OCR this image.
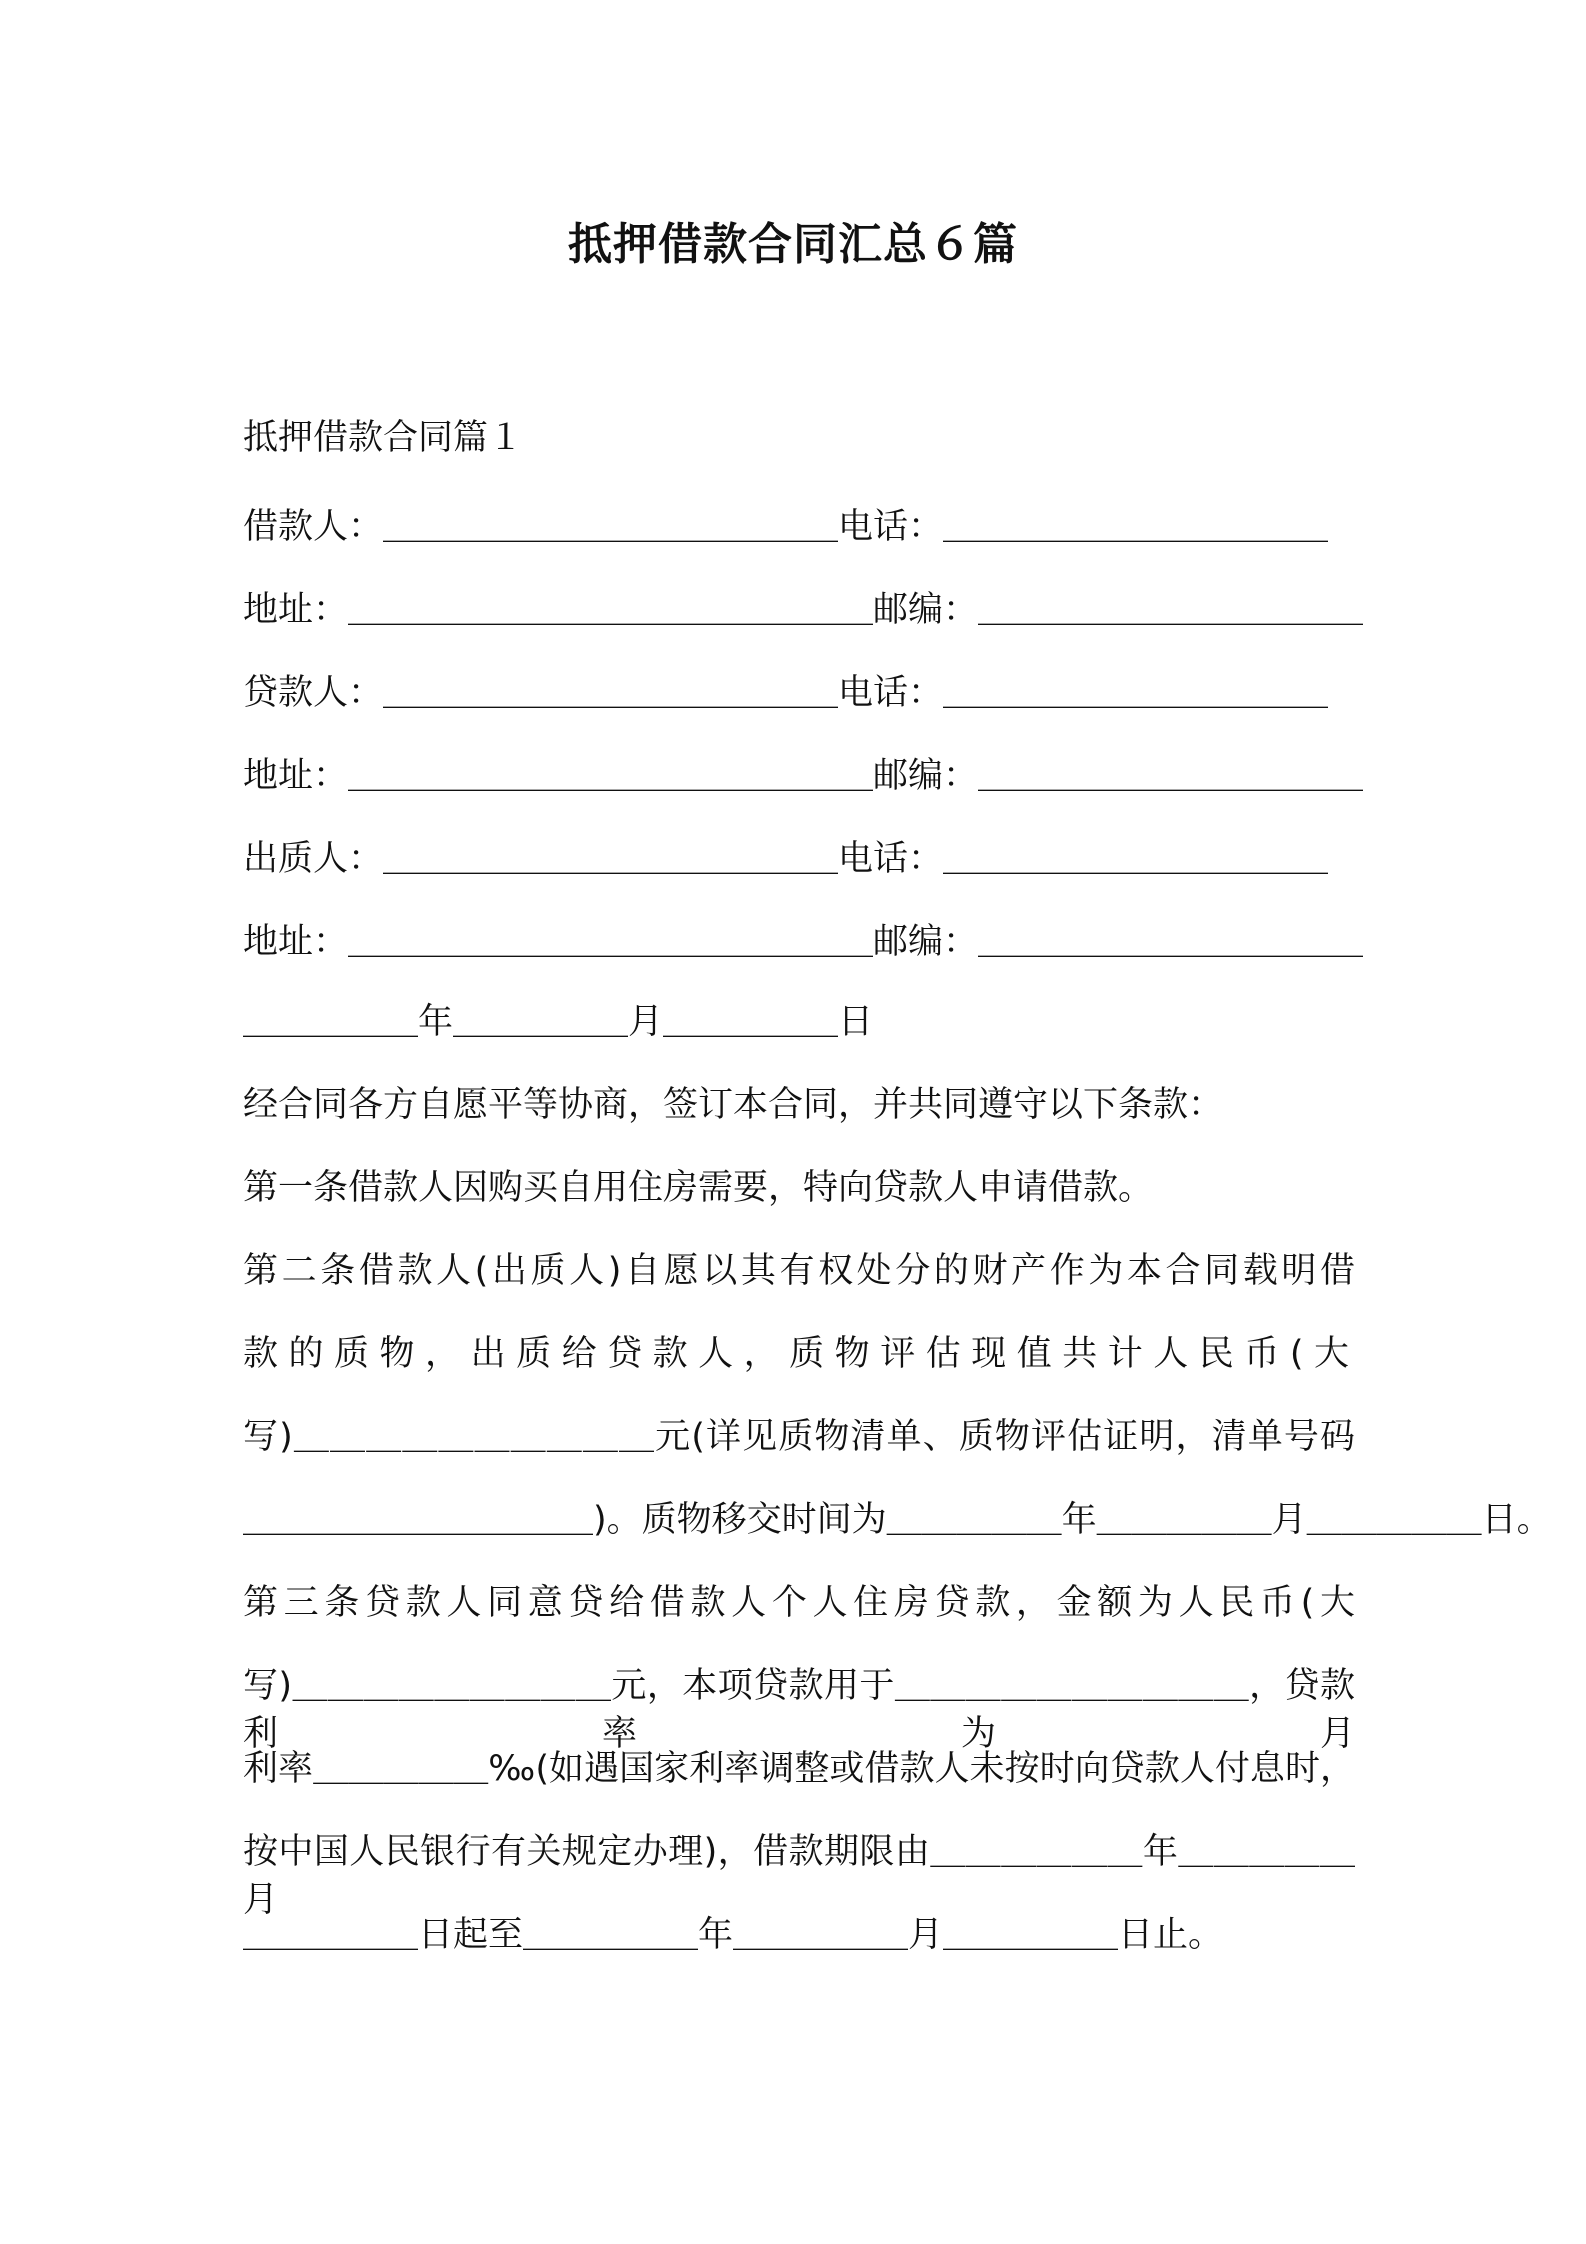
抵押借款合同汇总６篇
抵押借款合同篇１
借款人：＿＿＿＿＿＿＿＿＿＿＿＿＿电话：＿＿＿＿＿＿＿＿＿＿＿
地址：＿＿＿＿＿＿＿＿＿＿＿＿＿＿＿邮编：＿＿＿＿＿＿＿＿＿＿＿
贷款人：＿＿＿＿＿＿＿＿＿＿＿＿＿电话：＿＿＿＿＿＿＿＿＿＿＿
地址：＿＿＿＿＿＿＿＿＿＿＿＿＿＿＿邮编：＿＿＿＿＿＿＿＿＿＿＿
出质人：＿＿＿＿＿＿＿＿＿＿＿＿＿电话：＿＿＿＿＿＿＿＿＿＿＿
地址：＿＿＿＿＿＿＿＿＿＿＿＿＿＿＿邮编：＿＿＿＿＿＿＿＿＿＿＿
＿＿＿＿＿年＿＿＿＿＿月＿＿＿＿＿日
经合同各方自愿平等协商，签订本合同，并共同遵守以下条款：
第一条借款人因购买自用住房需要，特向贷款人申请借款。
第二条借款人(出质人)自愿以其有权处分的财产作为本合同载明借
款的质物，出质给贷款人，质物评估现值共计人民币(大
写)＿＿＿＿＿＿＿＿＿＿元(详见质物清单、质物评估证明，清单号码
＿＿＿＿＿＿＿＿＿＿)。质物移交时间为＿＿＿＿＿年＿＿＿＿＿月＿＿＿＿＿日。
第三条贷款人同意贷给借款人个人住房贷款，金额为人民币(大
写)＿＿＿＿＿＿＿＿＿元，本项贷款用于＿＿＿＿＿＿＿＿＿＿，贷款利率为月
利率＿＿＿＿＿‰(如遇国家利率调整或借款人未按时向贷款人付息时，
按中国人民银行有关规定办理)，借款期限由＿＿＿＿＿＿年＿＿＿＿＿月
＿＿＿＿＿日起至＿＿＿＿＿年＿＿＿＿＿月＿＿＿＿＿日止。
